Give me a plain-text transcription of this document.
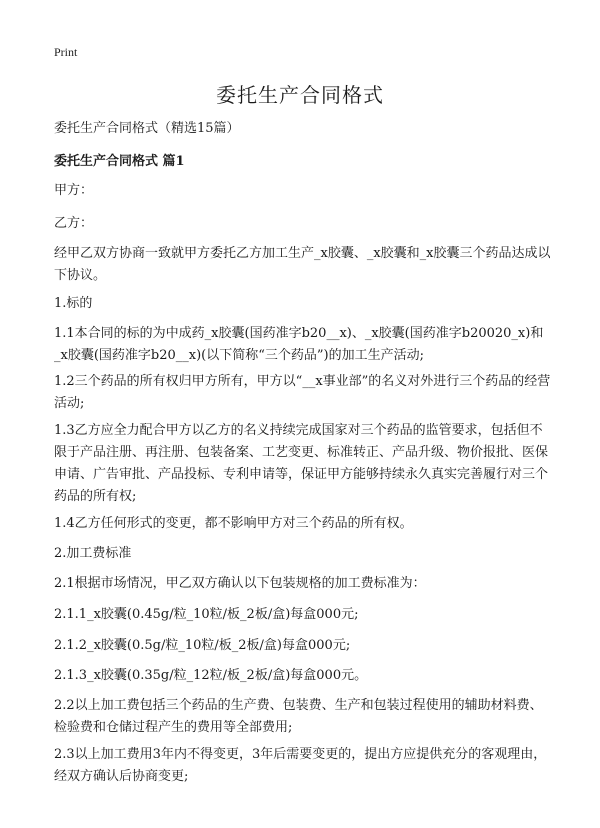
Print
委托生产合同格式

委托生产合同格式（精选15篇）

委托生产合同格式 篇1

甲方：

乙方：

经甲乙双方协商一致就甲方委托乙方加工生产_x胶囊、_x胶囊和_x胶囊三个药品达成以下协议。

1.标的

1.1本合同的标的为中成药_x胶囊(国药准字b20__x)、_x胶囊(国药准字b20020_x)和_x胶囊(国药准字b20__x)(以下简称“三个药品”)的加工生产活动;

1.2三个药品的所有权归甲方所有，甲方以“__x事业部”的名义对外进行三个药品的经营活动;

1.3乙方应全力配合甲方以乙方的名义持续完成国家对三个药品的监管要求，包括但不限于产品注册、再注册、包装备案、工艺变更、标准转正、产品升级、物价报批、医保申请、广告审批、产品投标、专利申请等，保证甲方能够持续永久真实完善履行对三个药品的所有权;

1.4乙方任何形式的变更，都不影响甲方对三个药品的所有权。

2.加工费标准

2.1根据市场情况，甲乙双方确认以下包装规格的加工费标准为：

2.1.1_x胶囊(0.45g/粒_10粒/板_2板/盒)每盒000元;

2.1.2_x胶囊(0.5g/粒_10粒/板_2板/盒)每盒000元;

2.1.3_x胶囊(0.35g/粒_12粒/板_2板/盒)每盒000元。

2.2以上加工费包括三个药品的生产费、包装费、生产和包装过程使用的辅助材料费、检验费和仓储过程产生的费用等全部费用;

2.3以上加工费用3年内不得变更，3年后需要变更的，提出方应提供充分的客观理由，经双方确认后协商变更;
